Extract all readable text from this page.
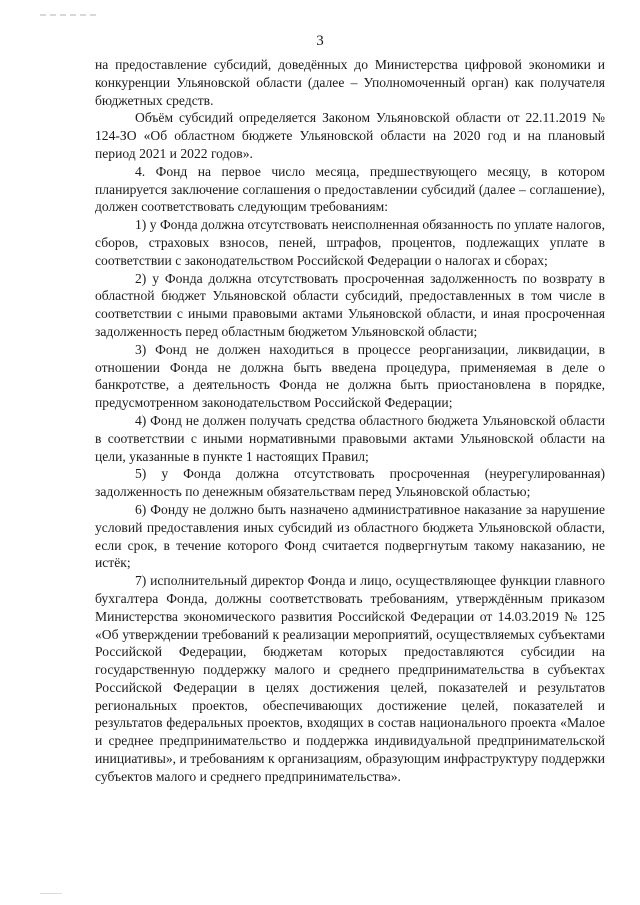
3

на предоставление субсидий, доведённых до Министерства цифровой экономики и конкуренции Ульяновской области (далее – Уполномоченный орган) как получателя бюджетных средств.

Объём субсидий определяется Законом Ульяновской области от 22.11.2019 № 124-ЗО «Об областном бюджете Ульяновской области на 2020 год и на плановый период 2021 и 2022 годов».

4. Фонд на первое число месяца, предшествующего месяцу, в котором планируется заключение соглашения о предоставлении субсидий (далее – соглашение), должен соответствовать следующим требованиям:

1) у Фонда должна отсутствовать неисполненная обязанность по уплате налогов, сборов, страховых взносов, пеней, штрафов, процентов, подлежащих уплате в соответствии с законодательством Российской Федерации о налогах и сборах;

2) у Фонда должна отсутствовать просроченная задолженность по возврату в областной бюджет Ульяновской области субсидий, предоставленных в том числе в соответствии с иными правовыми актами Ульяновской области, и иная просроченная задолженность перед областным бюджетом Ульяновской области;

3) Фонд не должен находиться в процессе реорганизации, ликвидации, в отношении Фонда не должна быть введена процедура, применяемая в деле о банкротстве, а деятельность Фонда не должна быть приостановлена в порядке, предусмотренном законодательством Российской Федерации;

4) Фонд не должен получать средства областного бюджета Ульяновской области в соответствии с иными нормативными правовыми актами Ульяновской области на цели, указанные в пункте 1 настоящих Правил;

5) у Фонда должна отсутствовать просроченная (неурегулированная) задолженность по денежным обязательствам перед Ульяновской областью;

6) Фонду не должно быть назначено административное наказание за нарушение условий предоставления иных субсидий из областного бюджета Ульяновской области, если срок, в течение которого Фонд считается подвергнутым такому наказанию, не истёк;

7) исполнительный директор Фонда и лицо, осуществляющее функции главного бухгалтера Фонда, должны соответствовать требованиям, утверждённым приказом Министерства экономического развития Российской Федерации от 14.03.2019 № 125 «Об утверждении требований к реализации мероприятий, осуществляемых субъектами Российской Федерации, бюджетам которых предоставляются субсидии на государственную поддержку малого и среднего предпринимательства в субъектах Российской Федерации в целях достижения целей, показателей и результатов региональных проектов, обеспечивающих достижение целей, показателей и результатов федеральных проектов, входящих в состав национального проекта «Малое и среднее предпринимательство и поддержка индивидуальной предпринимательской инициативы», и требованиям к организациям, образующим инфраструктуру поддержки субъектов малого и среднего предпринимательства».
